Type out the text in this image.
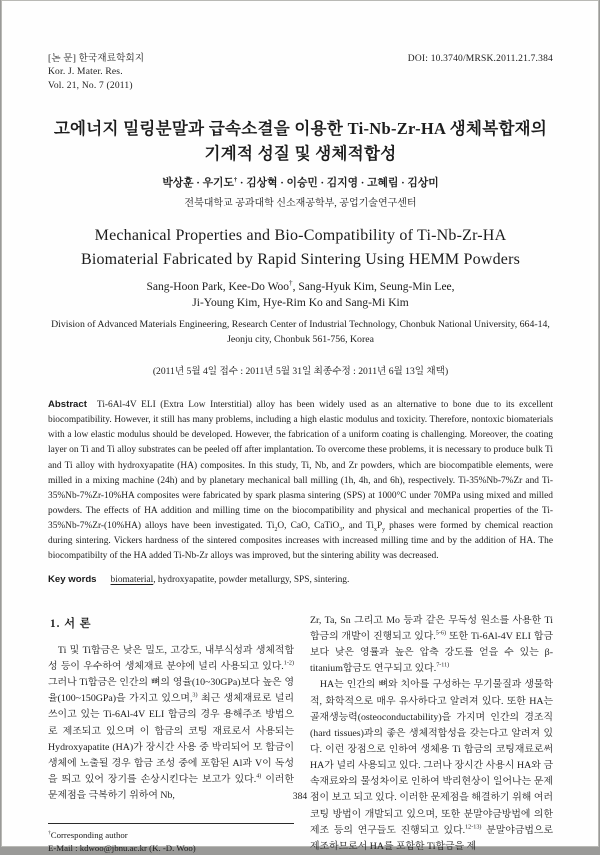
[논 문] 한국재료학회지
Kor. J. Mater. Res.
Vol. 21, No. 7 (2011)
DOI: 10.3740/MRSK.2011.21.7.384
고에너지 밀링분말과 급속소결을 이용한 Ti-Nb-Zr-HA 생체복합재의
기계적 성질 및 생체적합성
박상훈 · 우기도† · 김상혁 · 이승민 · 김지영 · 고혜림 · 김상미
전북대학교 공과대학 신소재공학부, 공업기술연구센터
Mechanical Properties and Bio-Compatibility of Ti-Nb-Zr-HA
Biomaterial Fabricated by Rapid Sintering Using HEMM Powders
Sang-Hoon Park, Kee-Do Woo†, Sang-Hyuk Kim, Seung-Min Lee,
Ji-Young Kim, Hye-Rim Ko and Sang-Mi Kim
Division of Advanced Materials Engineering, Research Center of Industrial Technology, Chonbuk National University, 664-14, Jeonju city, Chonbuk 561-756, Korea
(2011년 5월 4일 접수 : 2011년 5월 31일 최종수정 : 2011년 6월 13일 채택)

Abstract Ti-6Al-4V ELI (Extra Low Interstitial) alloy has been widely used as an alternative to bone due to its excellent biocompatibility. However, it still has many problems, including a high elastic modulus and toxicity. Therefore, nontoxic biomaterials with a low elastic modulus should be developed. However, the fabrication of a uniform coating is challenging. Moreover, the coating layer on Ti and Ti alloy substrates can be peeled off after implantation. To overcome these problems, it is necessary to produce bulk Ti and Ti alloy with hydroxyapatite (HA) composites. In this study, Ti, Nb, and Zr powders, which are biocompatible elements, were milled in a mixing machine (24h) and by planetary mechanical ball milling (1h, 4h, and 6h), respectively. Ti-35%Nb-7%Zr and Ti-35%Nb-7%Zr-10%HA composites were fabricated by spark plasma sintering (SPS) at 1000°C under 70MPa using mixed and milled powders. The effects of HA addition and milling time on the biocompatibility and physical and mechanical properties of the Ti-35%Nb-7%Zr-(10%HA) alloys have been investigated. $Ti_2O$, CaO, CaTiO$_3$, and $Ti_xP_y$ phases were formed by chemical reaction during sintering. Vickers hardness of the sintered composites increases with increased milling time and by the addition of HA. The biocompatibilty of the HA added Ti-Nb-Zr alloys was improved, but the sintering ability was decreased.

Key words biomaterial, hydroxyapatite, powder metallurgy, SPS, sintering.
1. 서 론

Ti 및 Ti합금은 낮은 밀도, 고강도, 내부식성과 생체적합성 등이 우수하여 생체재료 분야에 널리 사용되고 있다.$^{1-2)}$ 그러나 Ti합금은 인간의 뼈의 영율(10~30GPa)보다 높은 영율(100~150GPa)을 가지고 있으며,$^{3)}$ 최근 생체재료로 널리 쓰이고 있는 Ti-6Al-4V ELI 합금의 경우 용해주조 방법으로 제조되고 있으며 이 합금의 코팅 재료로서 사용되는 Hydroxyapatite (HA)가 장시간 사용 중 박리되어 모 합금이 생체에 노출될 경우 합금 조성 중에 포함된 Al과 V이 독성을 띄고 있어 장기를 손상시킨다는 보고가 있다.$^{4)}$ 이러한 문제점을 극복하기 위하여 Nb,

†Corresponding author
E-Mail : kdwoo@jbnu.ac.kr (K. -D. Woo)

Zr, Ta, Sn 그리고 Mo 등과 같은 무독성 원소를 사용한 Ti 합금의 개발이 진행되고 있다.$^{5-6)}$ 또한 Ti-6Al-4V ELI 합금보다 낮은 영률과 높은 압축 강도를 얻을 수 있는 β-titanium합금도 연구되고 있다.$^{7-11)}$

HA는 인간의 뼈와 치아를 구성하는 무기물질과 생물학적, 화학적으로 매우 유사하다고 알려져 있다. 또한 HA는 골재생능력(osteoconductability)을 가지며 인간의 경조직(hard tissues)과의 좋은 생체적합성을 갖는다고 알려져 있다. 이런 장점으로 인하여 생체용 Ti 합금의 코팅재료로써 HA가 널리 사용되고 있다. 그러나 장시간 사용시 HA와 금속재료와의 물성차이로 인하여 박리현상이 일어나는 문제점이 보고 되고 있다. 이러한 문제점을 해결하기 위해 여러 코팅 방법이 개발되고 있으며, 또한 분말야금방법에 의한 제조 등의 연구들도 진행되고 있다.$^{12-13)}$ 분말야금법으로 제조하므로서 HA를 포함한 Ti합금을 제

384
